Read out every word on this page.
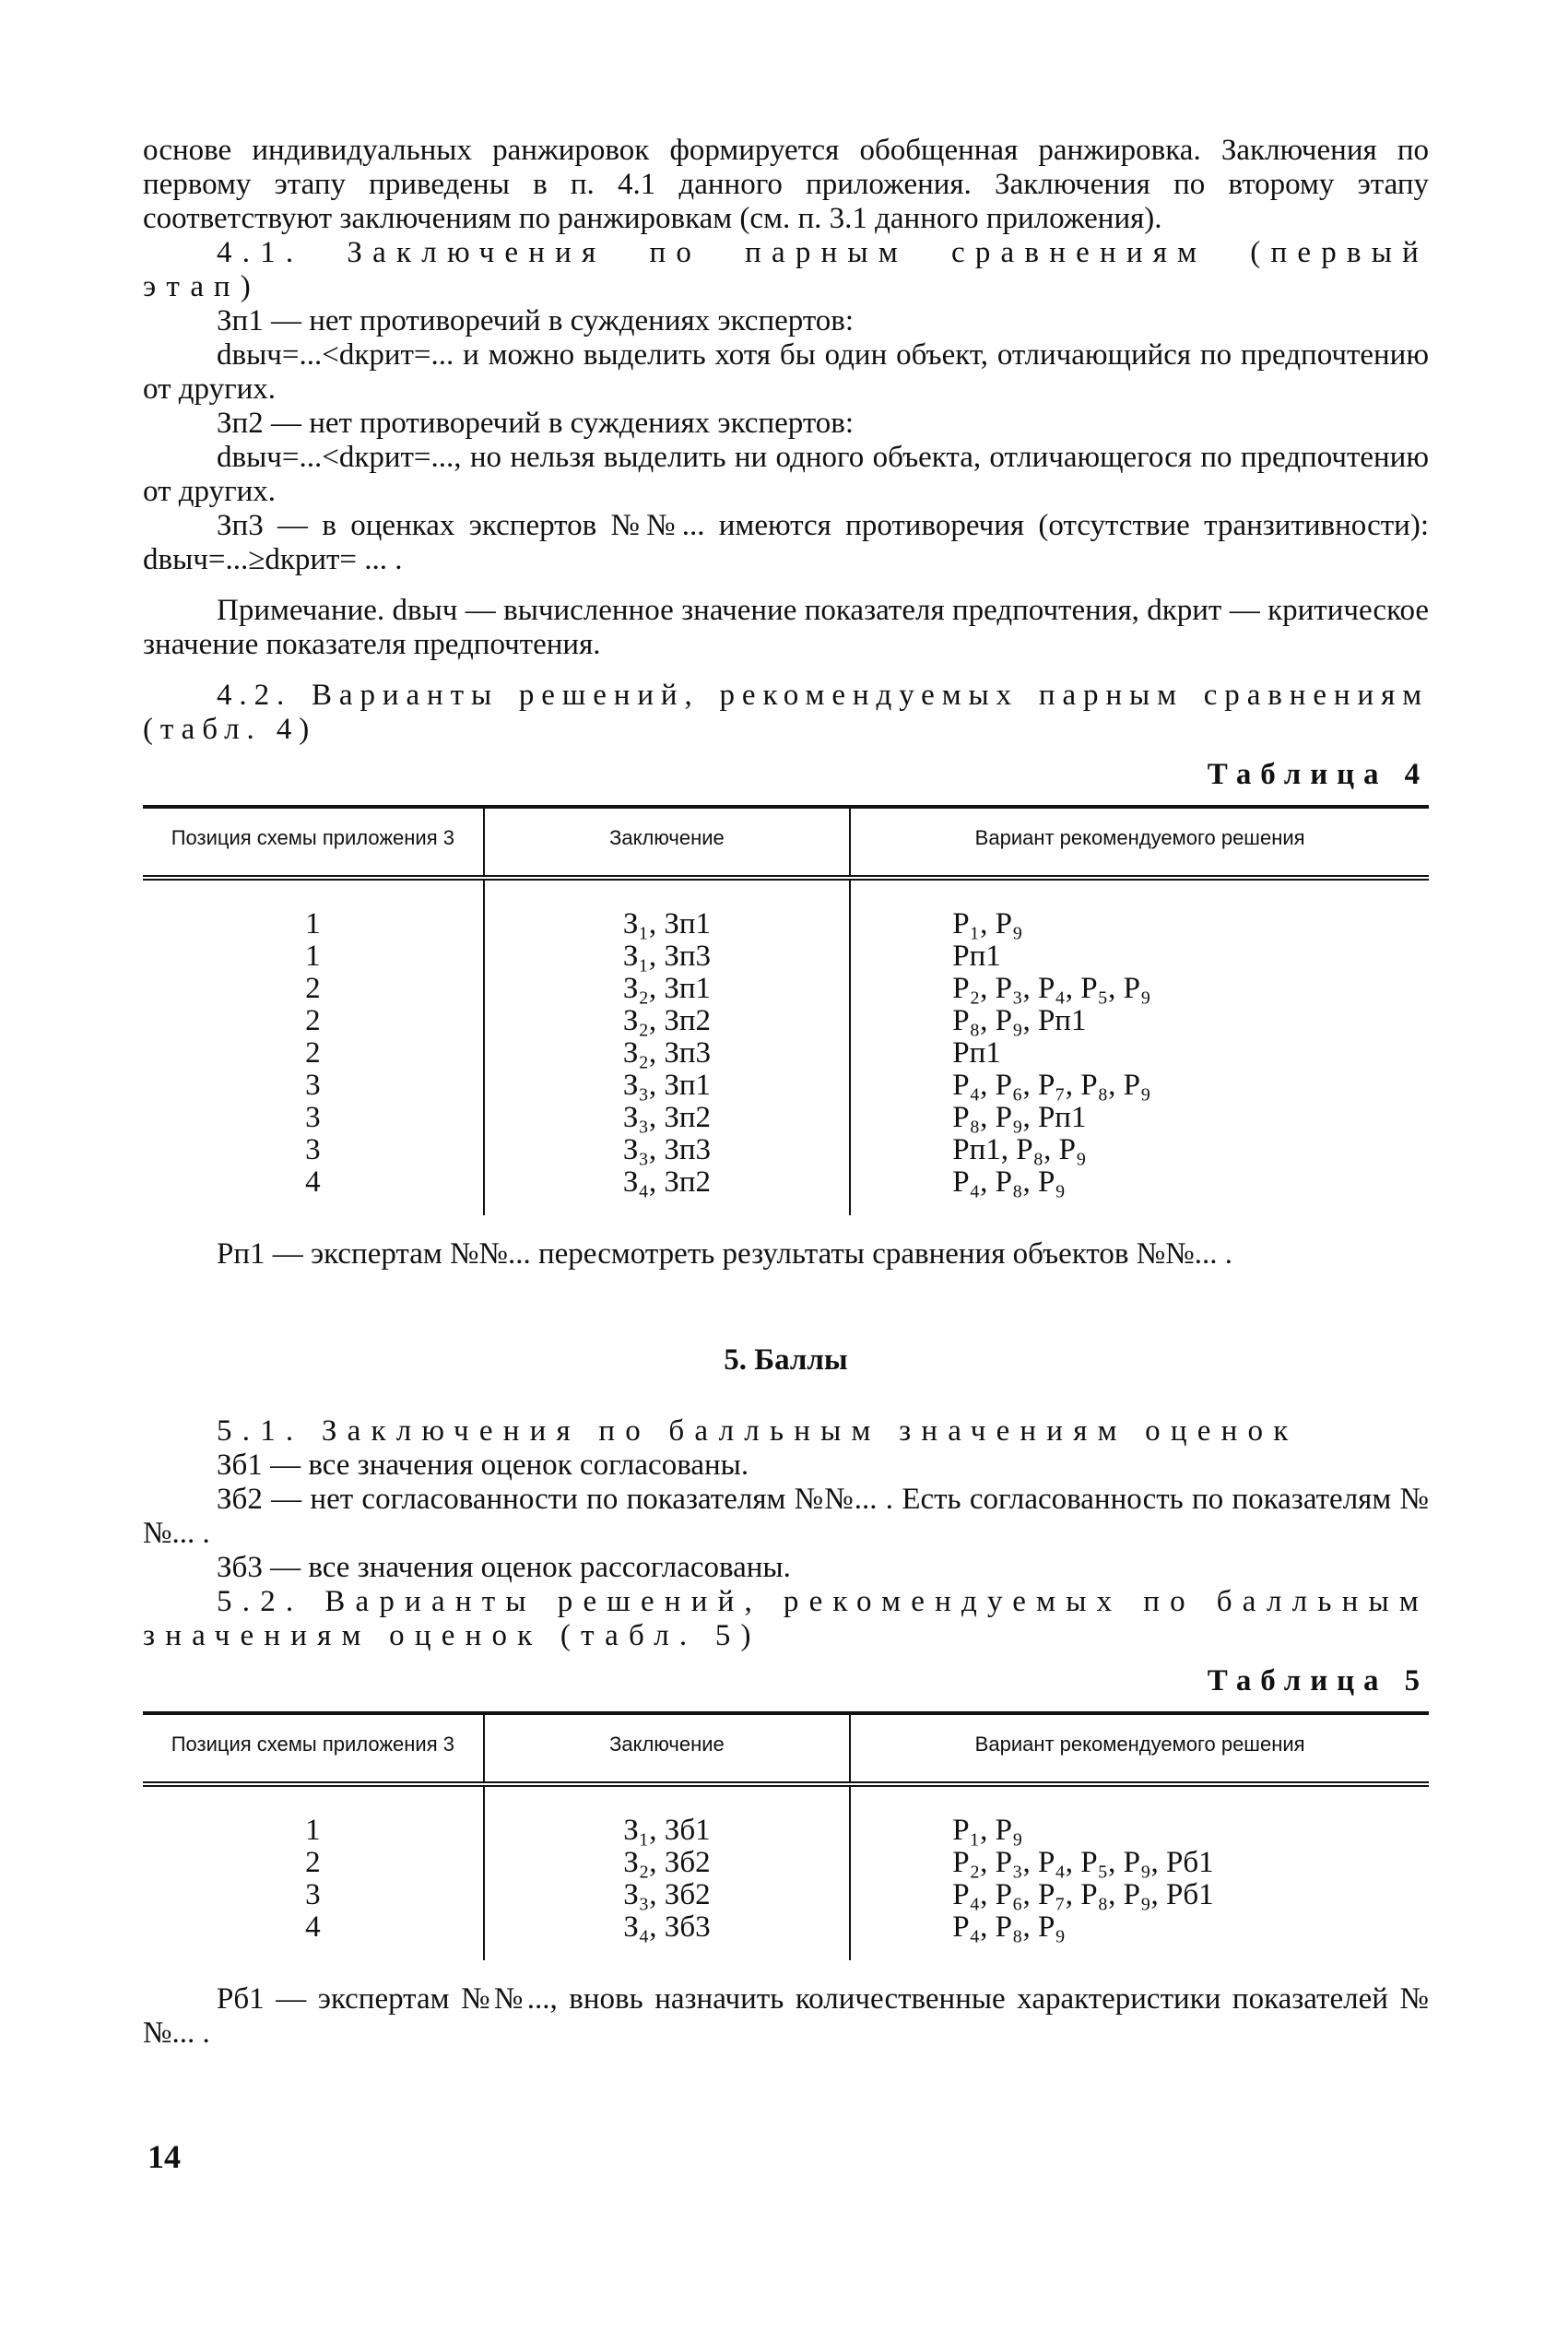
основе индивидуальных ранжировок формируется обобщенная ранжировка. Заключения по первому этапу приведены в п. 4.1 данного приложения. Заключения по второму этапу соответствуют заключениям по ранжировкам (см. п. 3.1 данного приложения).

4.1. Заключения по парным сравнениям (первый этап)

Зп1 — нет противоречий в суждениях экспертов:

dвыч=...<dкрит=... и можно выделить хотя бы один объект, отличающийся по предпочтению от других.

Зп2 — нет противоречий в суждениях экспертов:

dвыч=...<dкрит=..., но нельзя выделить ни одного объекта, отличающегося по предпочтению от других.

Зп3 — в оценках экспертов №№... имеются противоречия (отсутствие транзитивности): dвыч=...≥dкрит= ... .

Примечание. dвыч — вычисленное значение показателя предпочтения, dкрит — критическое значение показателя предпочтения.

4.2. Варианты решений, рекомендуемых парным сравнениям (табл. 4)

Таблица 4
Позиция схемы приложения 3	Заключение	Вариант рекомендуемого решения
1	З₁, Зп1	P₁, P₉
1	З₁, Зп3	Рп1
2	З₂, Зп1	P₂, P₃, P₄, P₅, P₉
2	З₂, Зп2	P₈, P₉, Рп1
2	З₂, Зп3	Рп1
3	З₃, Зп1	P₄, P₆, P₇, P₈, P₉
3	З₃, Зп2	P₈, P₉, Рп1
3	З₃, Зп3	Рп1, P₈, P₉
4	З₄, Зп2	P₄, P₈, P₉

Рп1 — экспертам №№... пересмотреть результаты сравнения объектов №№... .

5. Баллы

5.1. Заключения по балльным значениям оценок

Зб1 — все значения оценок согласованы.

Зб2 — нет согласованности по показателям №№... . Есть согласованность по показателям №№... .

Зб3 — все значения оценок рассогласованы.

5.2. Варианты решений, рекомендуемых по балльным значениям оценок (табл. 5)

Таблица 5
Позиция схемы приложения 3	Заключение	Вариант рекомендуемого решения
1	З₁, Зб1	P₁, P₉
2	З₂, Зб2	P₂, P₃, P₄, P₅, P₉, Рб1
3	З₃, Зб2	P₄, P₆, P₇, P₈, P₉, Рб1
4	З₄, Зб3	P₄, P₈, P₉

Рб1 — экспертам №№..., вновь назначить количественные характеристики показателей №№... .

14
